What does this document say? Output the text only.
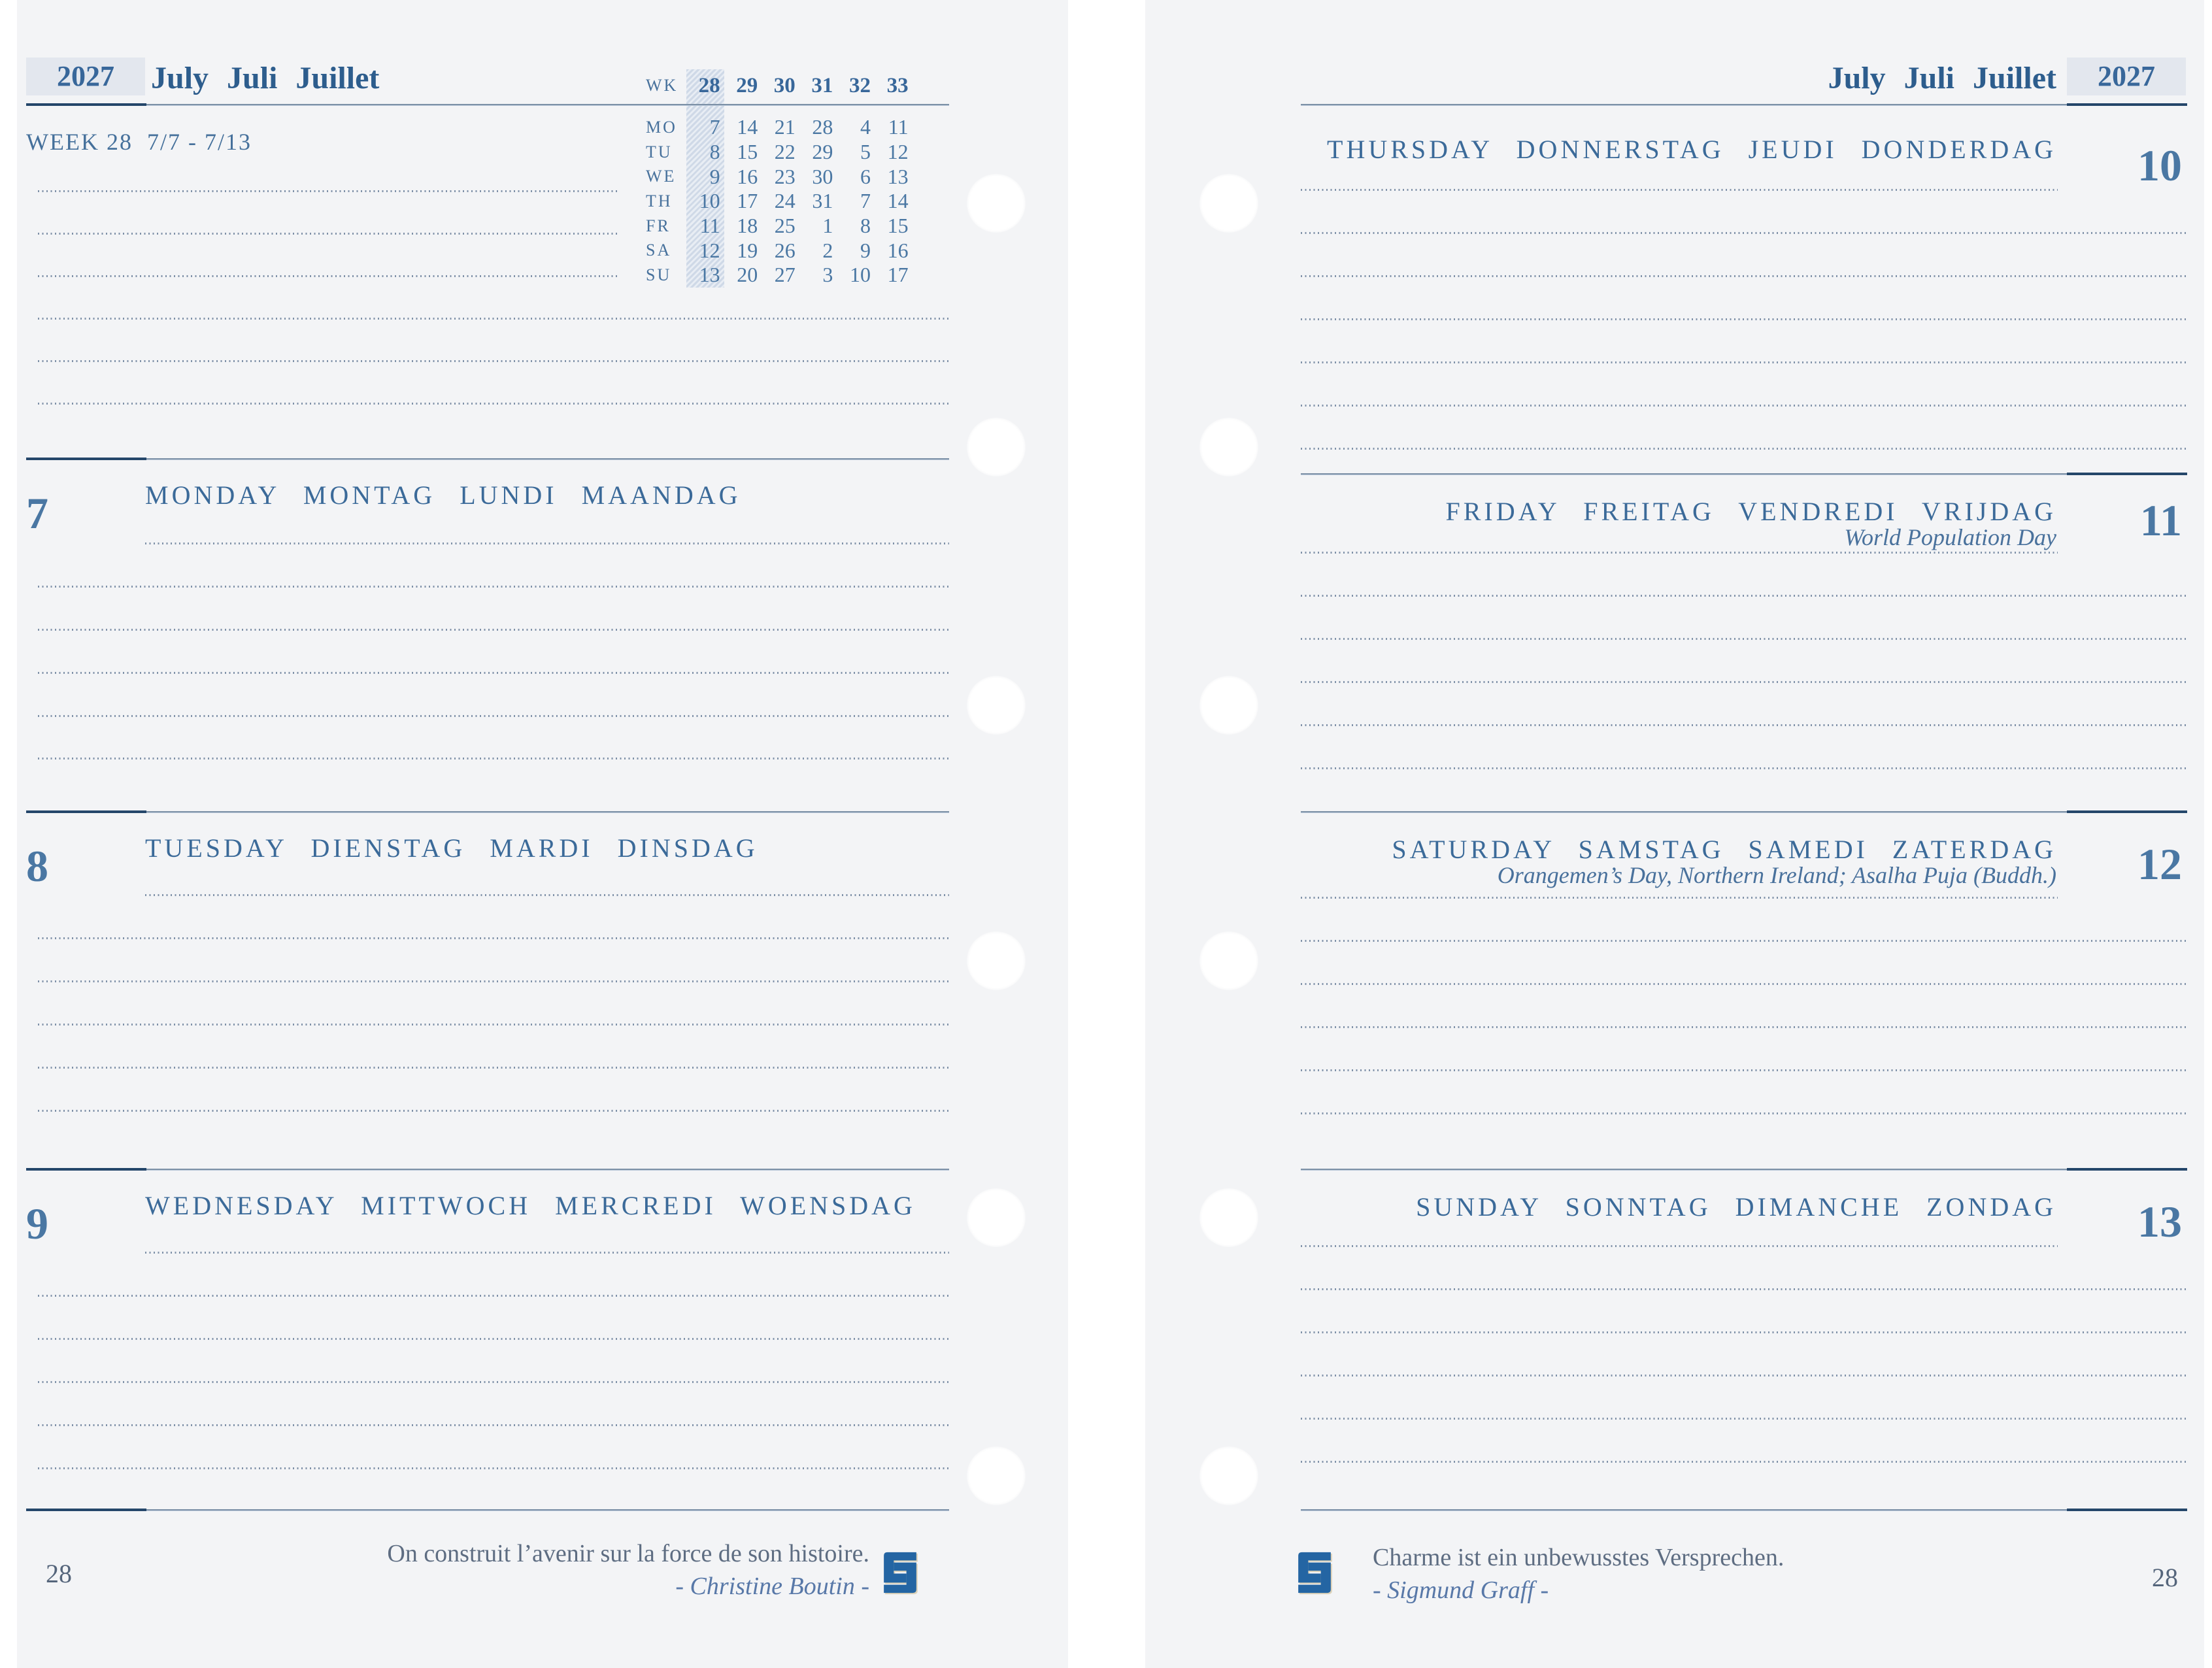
2027	July Juli Juillet	WK 28 29 30 31 32 33
WEEK 28  7/7 - 7/13
MO	7 14 21 28	4 11
TU	8 15 22 29	5 12
WE	9 16 23 30	6 13
TH	10 17 24 31	7 14
FR	11 18 25	1	8 15
SA	12 19 26	2	9 16
SU	13 20 27	3 10 17
7	MONDAY MONTAG LUNDI MAANDAG
8	TUESDAY DIENSTAG MARDI DINSDAG
9	WEDNESDAY MITTWOCH MERCREDI WOENSDAG
28
On construit l’avenir sur la force de son histoire.
- Christine Boutin -
July Juli Juillet	2027
THURSDAY DONNERSTAG JEUDI DONDERDAG 10
FRIDAY FREITAG VENDREDI VRIJDAG
World Population Day 11
SATURDAY SAMSTAG SAMEDI ZATERDAG
Orangemen’s Day, Northern Ireland; Asalha Puja (Buddh.) 12
SUNDAY SONNTAG DIMANCHE ZONDAG 13
Charme ist ein unbewusstes Versprechen.
- Sigmund Graff -	28
